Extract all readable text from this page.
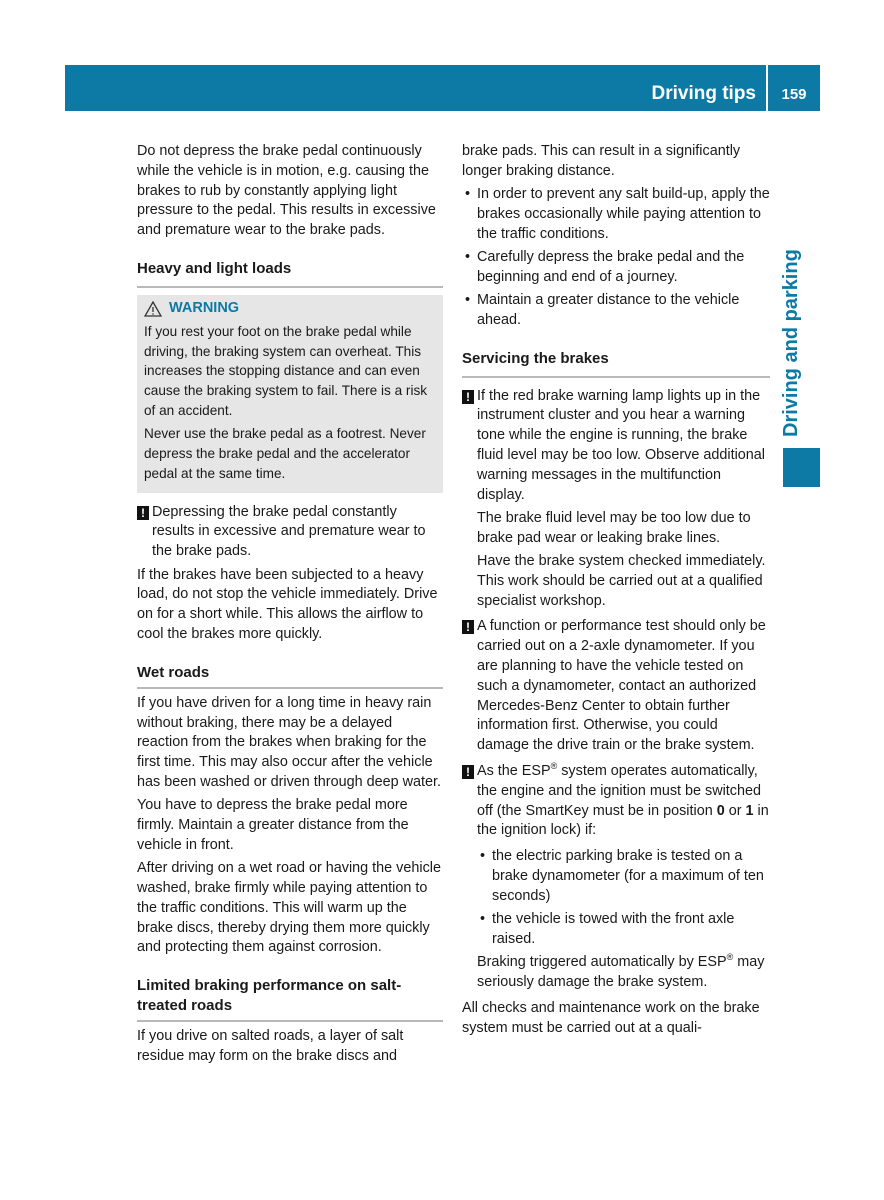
Driving tips	159
Driving and parking

Do not depress the brake pedal continuously while the vehicle is in motion, e.g. causing the brakes to rub by constantly applying light pressure to the pedal. This results in excessive and premature wear to the brake pads.

Heavy and light loads
WARNING

If you rest your foot on the brake pedal while driving, the braking system can overheat. This increases the stopping distance and can even cause the braking system to fail. There is a risk of an accident.

Never use the brake pedal as a footrest. Never depress the brake pedal and the accelerator pedal at the same time.

! Depressing the brake pedal constantly results in excessive and premature wear to the brake pads.

If the brakes have been subjected to a heavy load, do not stop the vehicle immediately. Drive on for a short while. This allows the airflow to cool the brakes more quickly.

Wet roads

If you have driven for a long time in heavy rain without braking, there may be a delayed reaction from the brakes when braking for the first time. This may also occur after the vehicle has been washed or driven through deep water.

You have to depress the brake pedal more firmly. Maintain a greater distance from the vehicle in front.

After driving on a wet road or having the vehicle washed, brake firmly while paying attention to the traffic conditions. This will warm up the brake discs, thereby drying them more quickly and protecting them against corrosion.

Limited braking performance on salt-treated roads

If you drive on salted roads, a layer of salt residue may form on the brake discs and

brake pads. This can result in a significantly longer braking distance.

• In order to prevent any salt build-up, apply the brakes occasionally while paying attention to the traffic conditions.
• Carefully depress the brake pedal and the beginning and end of a journey.
• Maintain a greater distance to the vehicle ahead.
Servicing the brakes
! If the red brake warning lamp lights up in the instrument cluster and you hear a warning tone while the engine is running, the brake fluid level may be too low. Observe additional warning messages in the multifunction display.

The brake fluid level may be too low due to brake pad wear or leaking brake lines.

Have the brake system checked immediately. This work should be carried out at a qualified specialist workshop.

! A function or performance test should only be carried out on a 2-axle dynamometer. If you are planning to have the vehicle tested on such a dynamometer, contact an authorized Mercedes-Benz Center to obtain further information first. Otherwise, you could damage the drive train or the brake system.
! As the ESP® system operates automatically, the engine and the ignition must be switched off (the SmartKey must be in position 0 or 1 in the ignition lock) if:
• the electric parking brake is tested on a brake dynamometer (for a maximum of ten seconds)
• the vehicle is towed with the front axle raised.

Braking triggered automatically by ESP® may seriously damage the brake system.

All checks and maintenance work on the brake system must be carried out at a quali-
